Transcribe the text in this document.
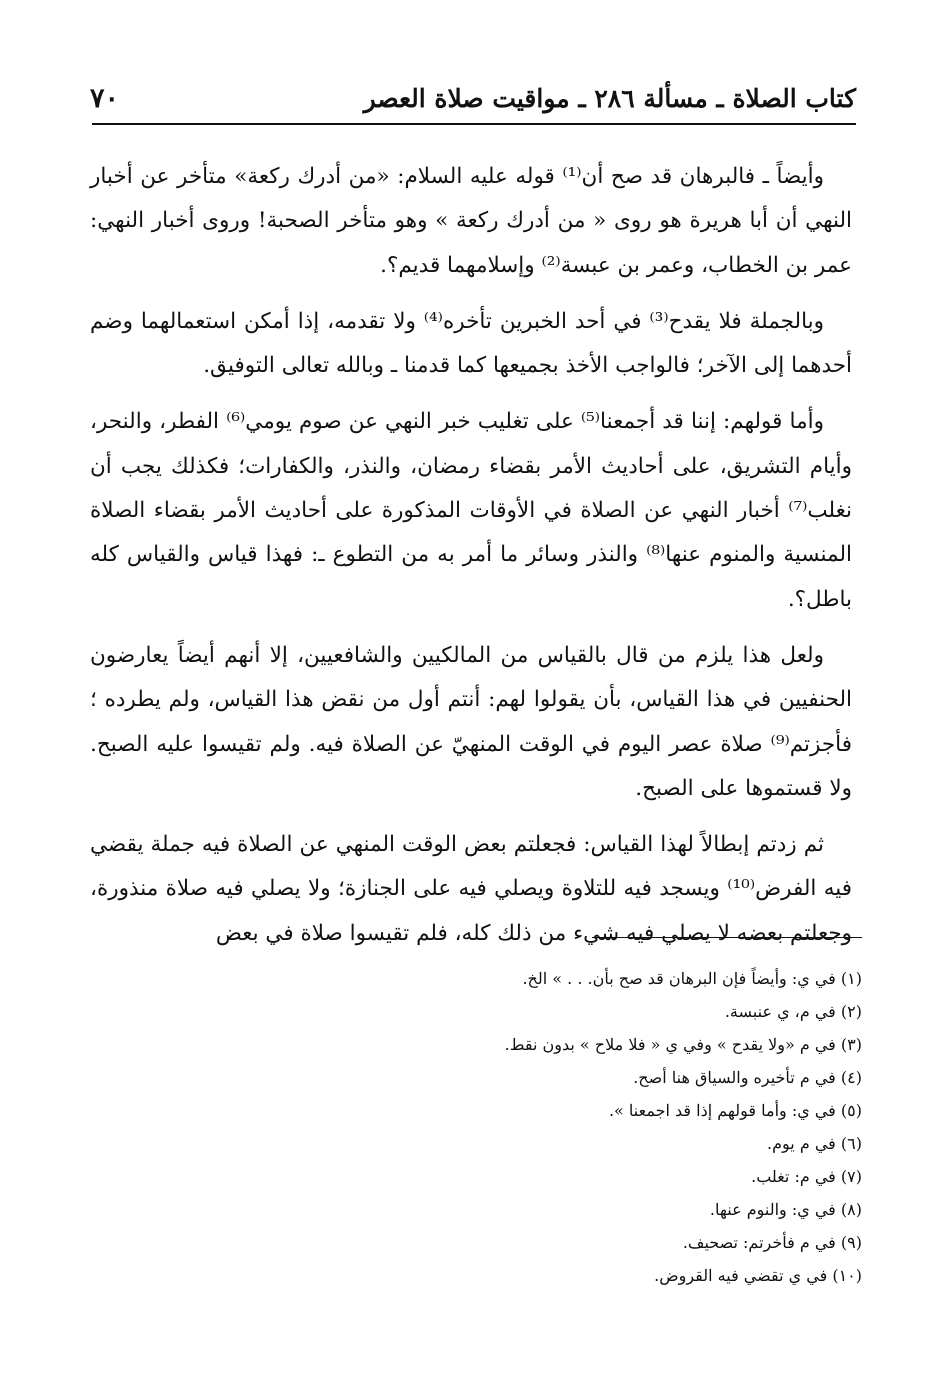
كتاب الصلاة ـ مسألة ٢٨٦ ـ مواقيت صلاة العصر
٧٠

وأيضاً ـ فالبرهان قد صح أن⁽¹⁾ قوله عليه السلام: «من أدرك ركعة» متأخر عن أخبار النهي أن أبا هريرة هو روى « من أدرك ركعة » وهو متأخر الصحبة! وروى أخبار النهي: عمر بن الخطاب، وعمر بن عبسة⁽²⁾ وإسلامهما قديم؟.

وبالجملة فلا يقدح⁽³⁾ في أحد الخبرين تأخره⁽⁴⁾ ولا تقدمه، إذا أمكن استعمالهما وضم أحدهما إلى الآخر؛ فالواجب الأخذ بجميعها كما قدمنا ـ وبالله تعالى التوفيق.

وأما قولهم: إننا قد أجمعنا⁽⁵⁾ على تغليب خبر النهي عن صوم يومي⁽⁶⁾ الفطر، والنحر، وأيام التشريق، على أحاديث الأمر بقضاء رمضان، والنذر، والكفارات؛ فكذلك يجب أن نغلب⁽⁷⁾ أخبار النهي عن الصلاة في الأوقات المذكورة على أحاديث الأمر بقضاء الصلاة المنسية والمنوم عنها⁽⁸⁾ والنذر وسائر ما أمر به من التطوع ـ: فهذا قياس والقياس كله باطل؟.

ولعل هذا يلزم من قال بالقياس من المالكيين والشافعيين، إلا أنهم أيضاً يعارضون الحنفيين في هذا القياس، بأن يقولوا لهم: أنتم أول من نقض هذا القياس، ولم يطرده ؛ فأجزتم⁽⁹⁾ صلاة عصر اليوم في الوقت المنهيّ عن الصلاة فيه. ولم تقيسوا عليه الصبح. ولا قستموها على الصبح.

ثم زدتم إبطالاً لهذا القياس: فجعلتم بعض الوقت المنهي عن الصلاة فيه جملة يقضي فيه الفرض⁽¹⁰⁾ ويسجد فيه للتلاوة ويصلي فيه على الجنازة؛ ولا يصلي فيه صلاة منذورة، وجعلتم بعضه لا يصلي فيه شيء من ذلك كله، فلم تقيسوا صلاة في بعض

(١) في ي: وأيضاً فإن البرهان قد صح بأن. . . » الخ.
(٢) في م، ي عنبسة.
(٣) في م «ولا يقدح » وفي ي « فلا ملاح » بدون نقط.
(٤) في م تأخيره والسياق هنا أصح.
(٥) في ي: وأما قولهم إذا قد اجمعنا ».
(٦) في م يوم.
(٧) في م: تغلب.
(٨) في ي: والنوم عنها.
(٩) في م فأخرتم: تصحيف.
(١٠) في ي تقضي فيه القروض.
